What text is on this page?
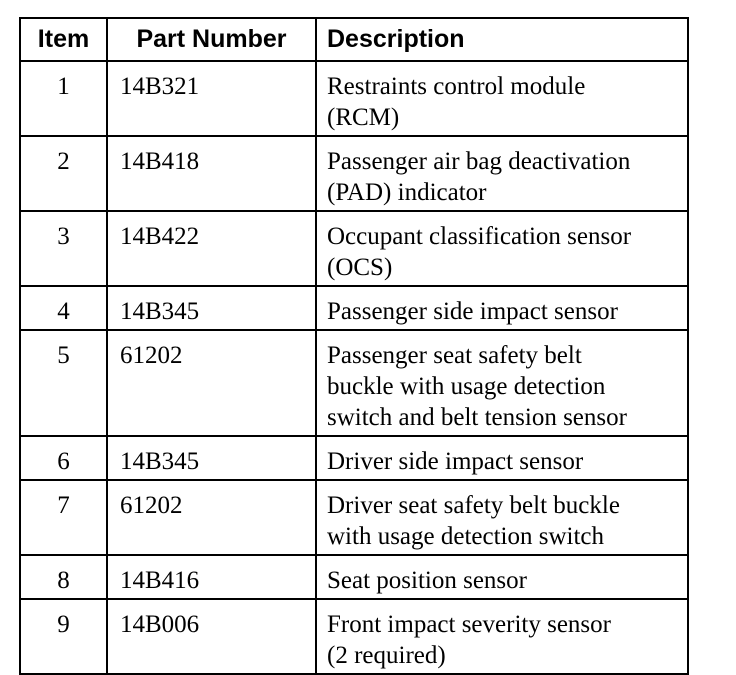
Item	Part Number	Description
1	14B321	Restraints control module
(RCM)

2	14B418	Passenger air bag deactivation
(PAD) indicator

3	14B422	Occupant classification sensor
(OCS)

4	14B345	Passenger side impact sensor

5	61202	Passenger seat safety belt
buckle with usage detection
switch and belt tension sensor

6	14B345	Driver side impact sensor

7	61202	Driver seat safety belt buckle
with usage detection switch

8	14B416	Seat position sensor

9	14B006	Front impact severity sensor
(2 required)
